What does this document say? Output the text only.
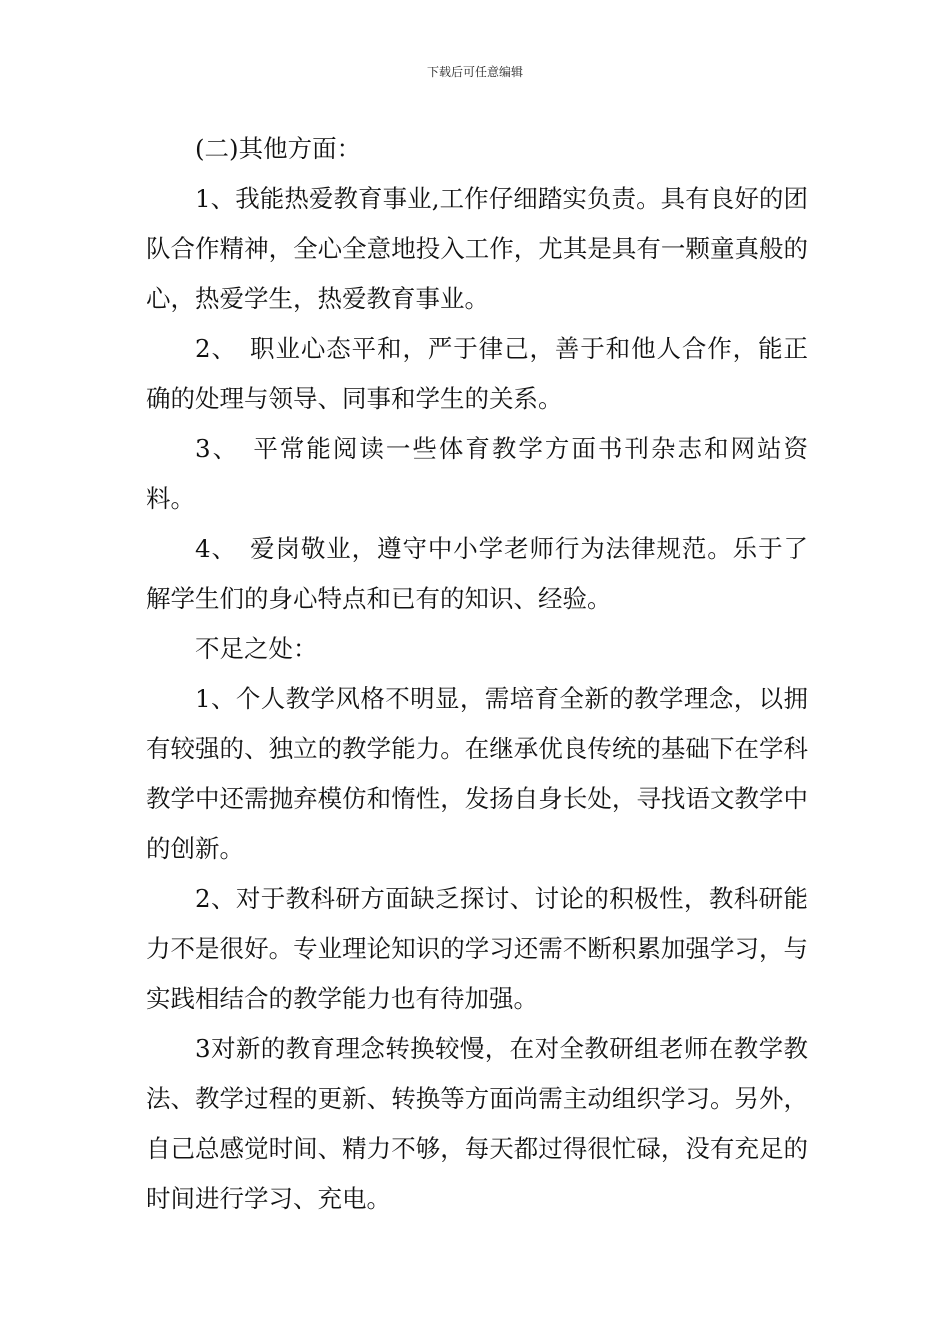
下载后可任意编辑

(二)其他方面：

1、我能热爱教育事业,工作仔细踏实负责。具有良好的团队合作精神，全心全意地投入工作，尤其是具有一颗童真般的心，热爱学生，热爱教育事业。

2、　职业心态平和，严于律己，善于和他人合作，能正确的处理与领导、同事和学生的关系。

3、　平常能阅读一些体育教学方面书刊杂志和网站资料。

4、　爱岗敬业，遵守中小学老师行为法律规范。乐于了解学生们的身心特点和已有的知识、经验。

不足之处：

1、个人教学风格不明显，需培育全新的教学理念，以拥有较强的、独立的教学能力。在继承优良传统的基础下在学科教学中还需抛弃模仿和惰性，发扬自身长处，寻找语文教学中的创新。

2、对于教科研方面缺乏探讨、讨论的积极性，教科研能力不是很好。专业理论知识的学习还需不断积累加强学习，与实践相结合的教学能力也有待加强。

3对新的教育理念转换较慢，在对全教研组老师在教学教法、教学过程的更新、转换等方面尚需主动组织学习。另外，自己总感觉时间、精力不够，每天都过得很忙碌，没有充足的时间进行学习、充电。
